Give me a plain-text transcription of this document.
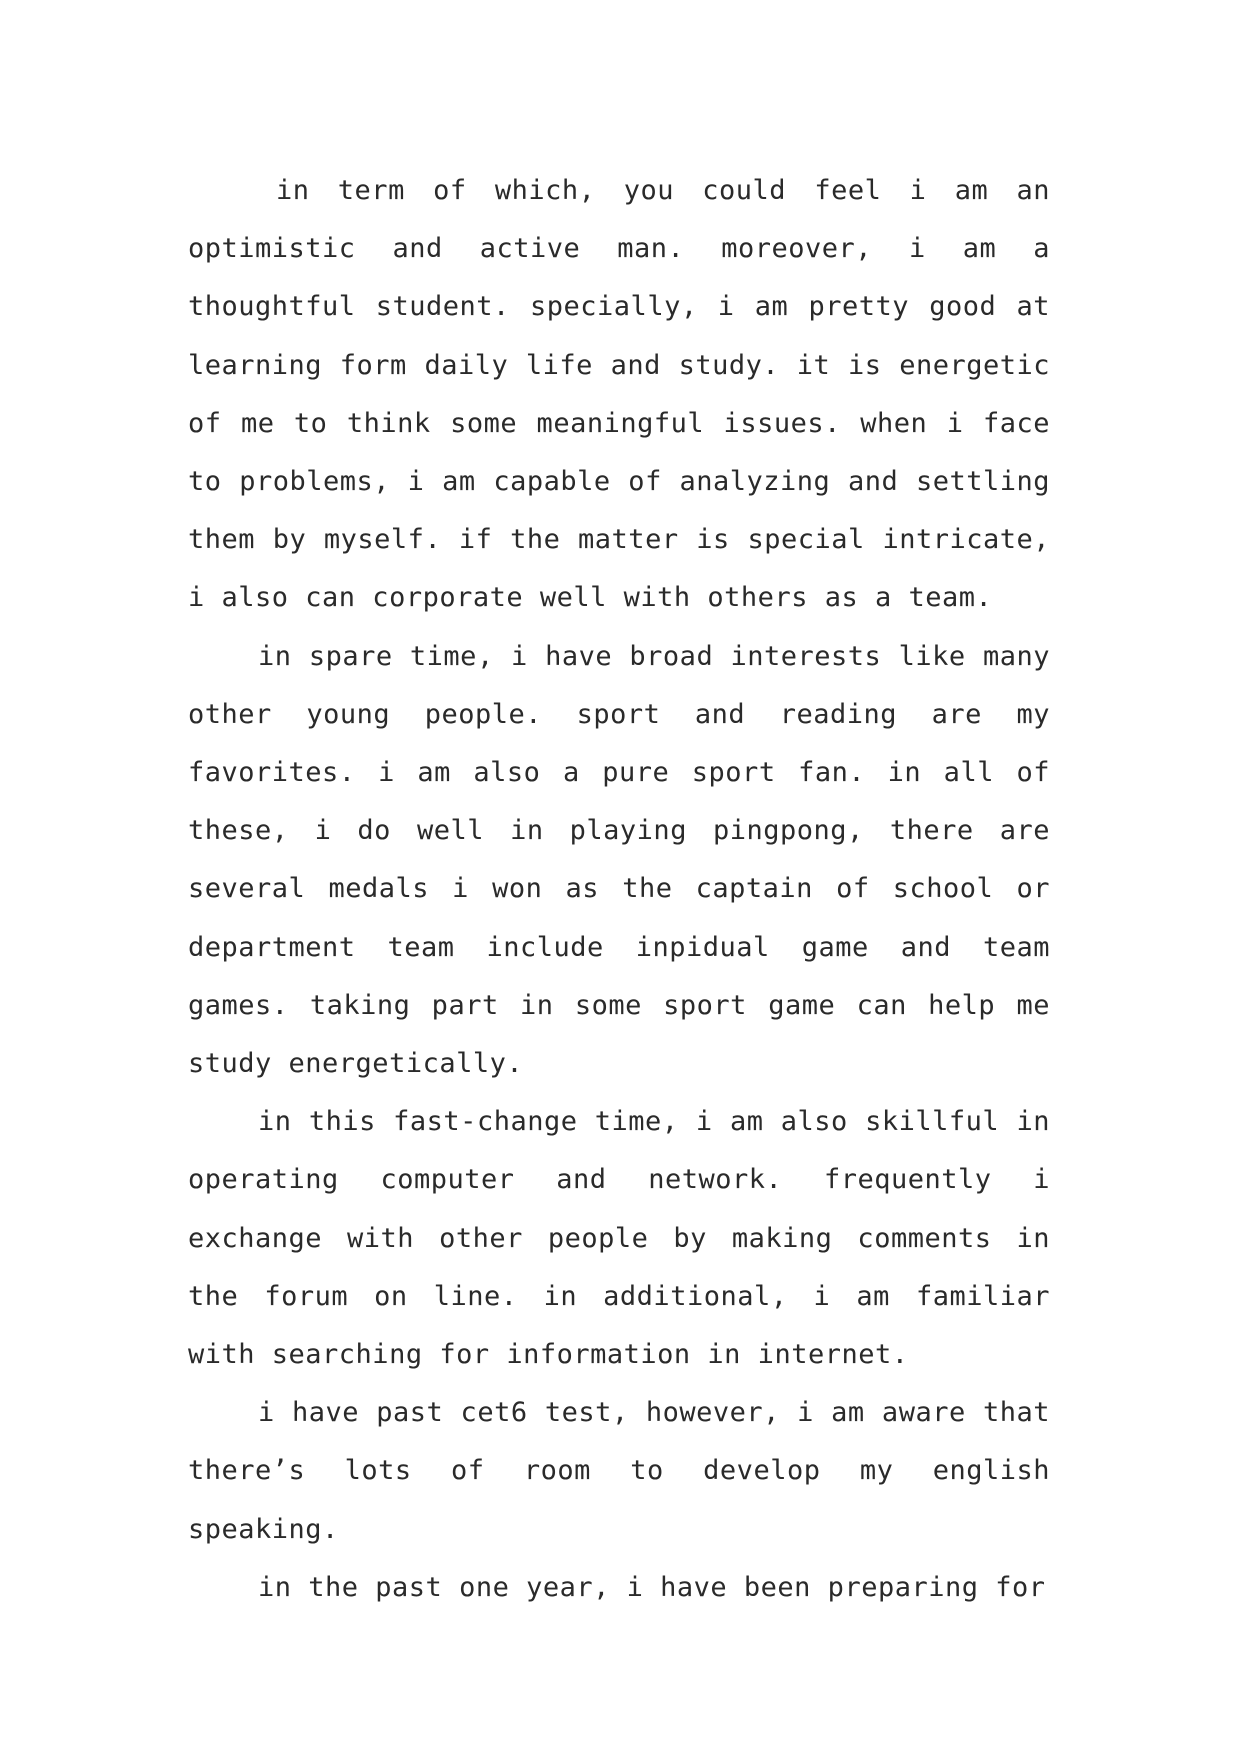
in term of which, you could feel i am an optimistic and active man. moreover, i am a thoughtful student. specially, i am pretty good at learning form daily life and study. it is energetic of me to think some meaningful issues. when i face to problems, i am capable of analyzing and settling them by myself. if the matter is special intricate, i also can corporate well with others as a team.

in spare time, i have broad interests like many other young people. sport and reading are my favorites. i am also a pure sport fan. in all of these, i do well in playing pingpong, there are several medals i won as the captain of school or department team include inpidual game and team games. taking part in some sport game can help me study energetically.

in this fast-change time, i am also skillful in operating computer and network. frequently i exchange with other people by making comments in the forum on line. in additional, i am familiar with searching for information in internet.

i have past cet6 test, however, i am aware that there’s lots of room to develop my english speaking.

in the past one year, i have been preparing for
